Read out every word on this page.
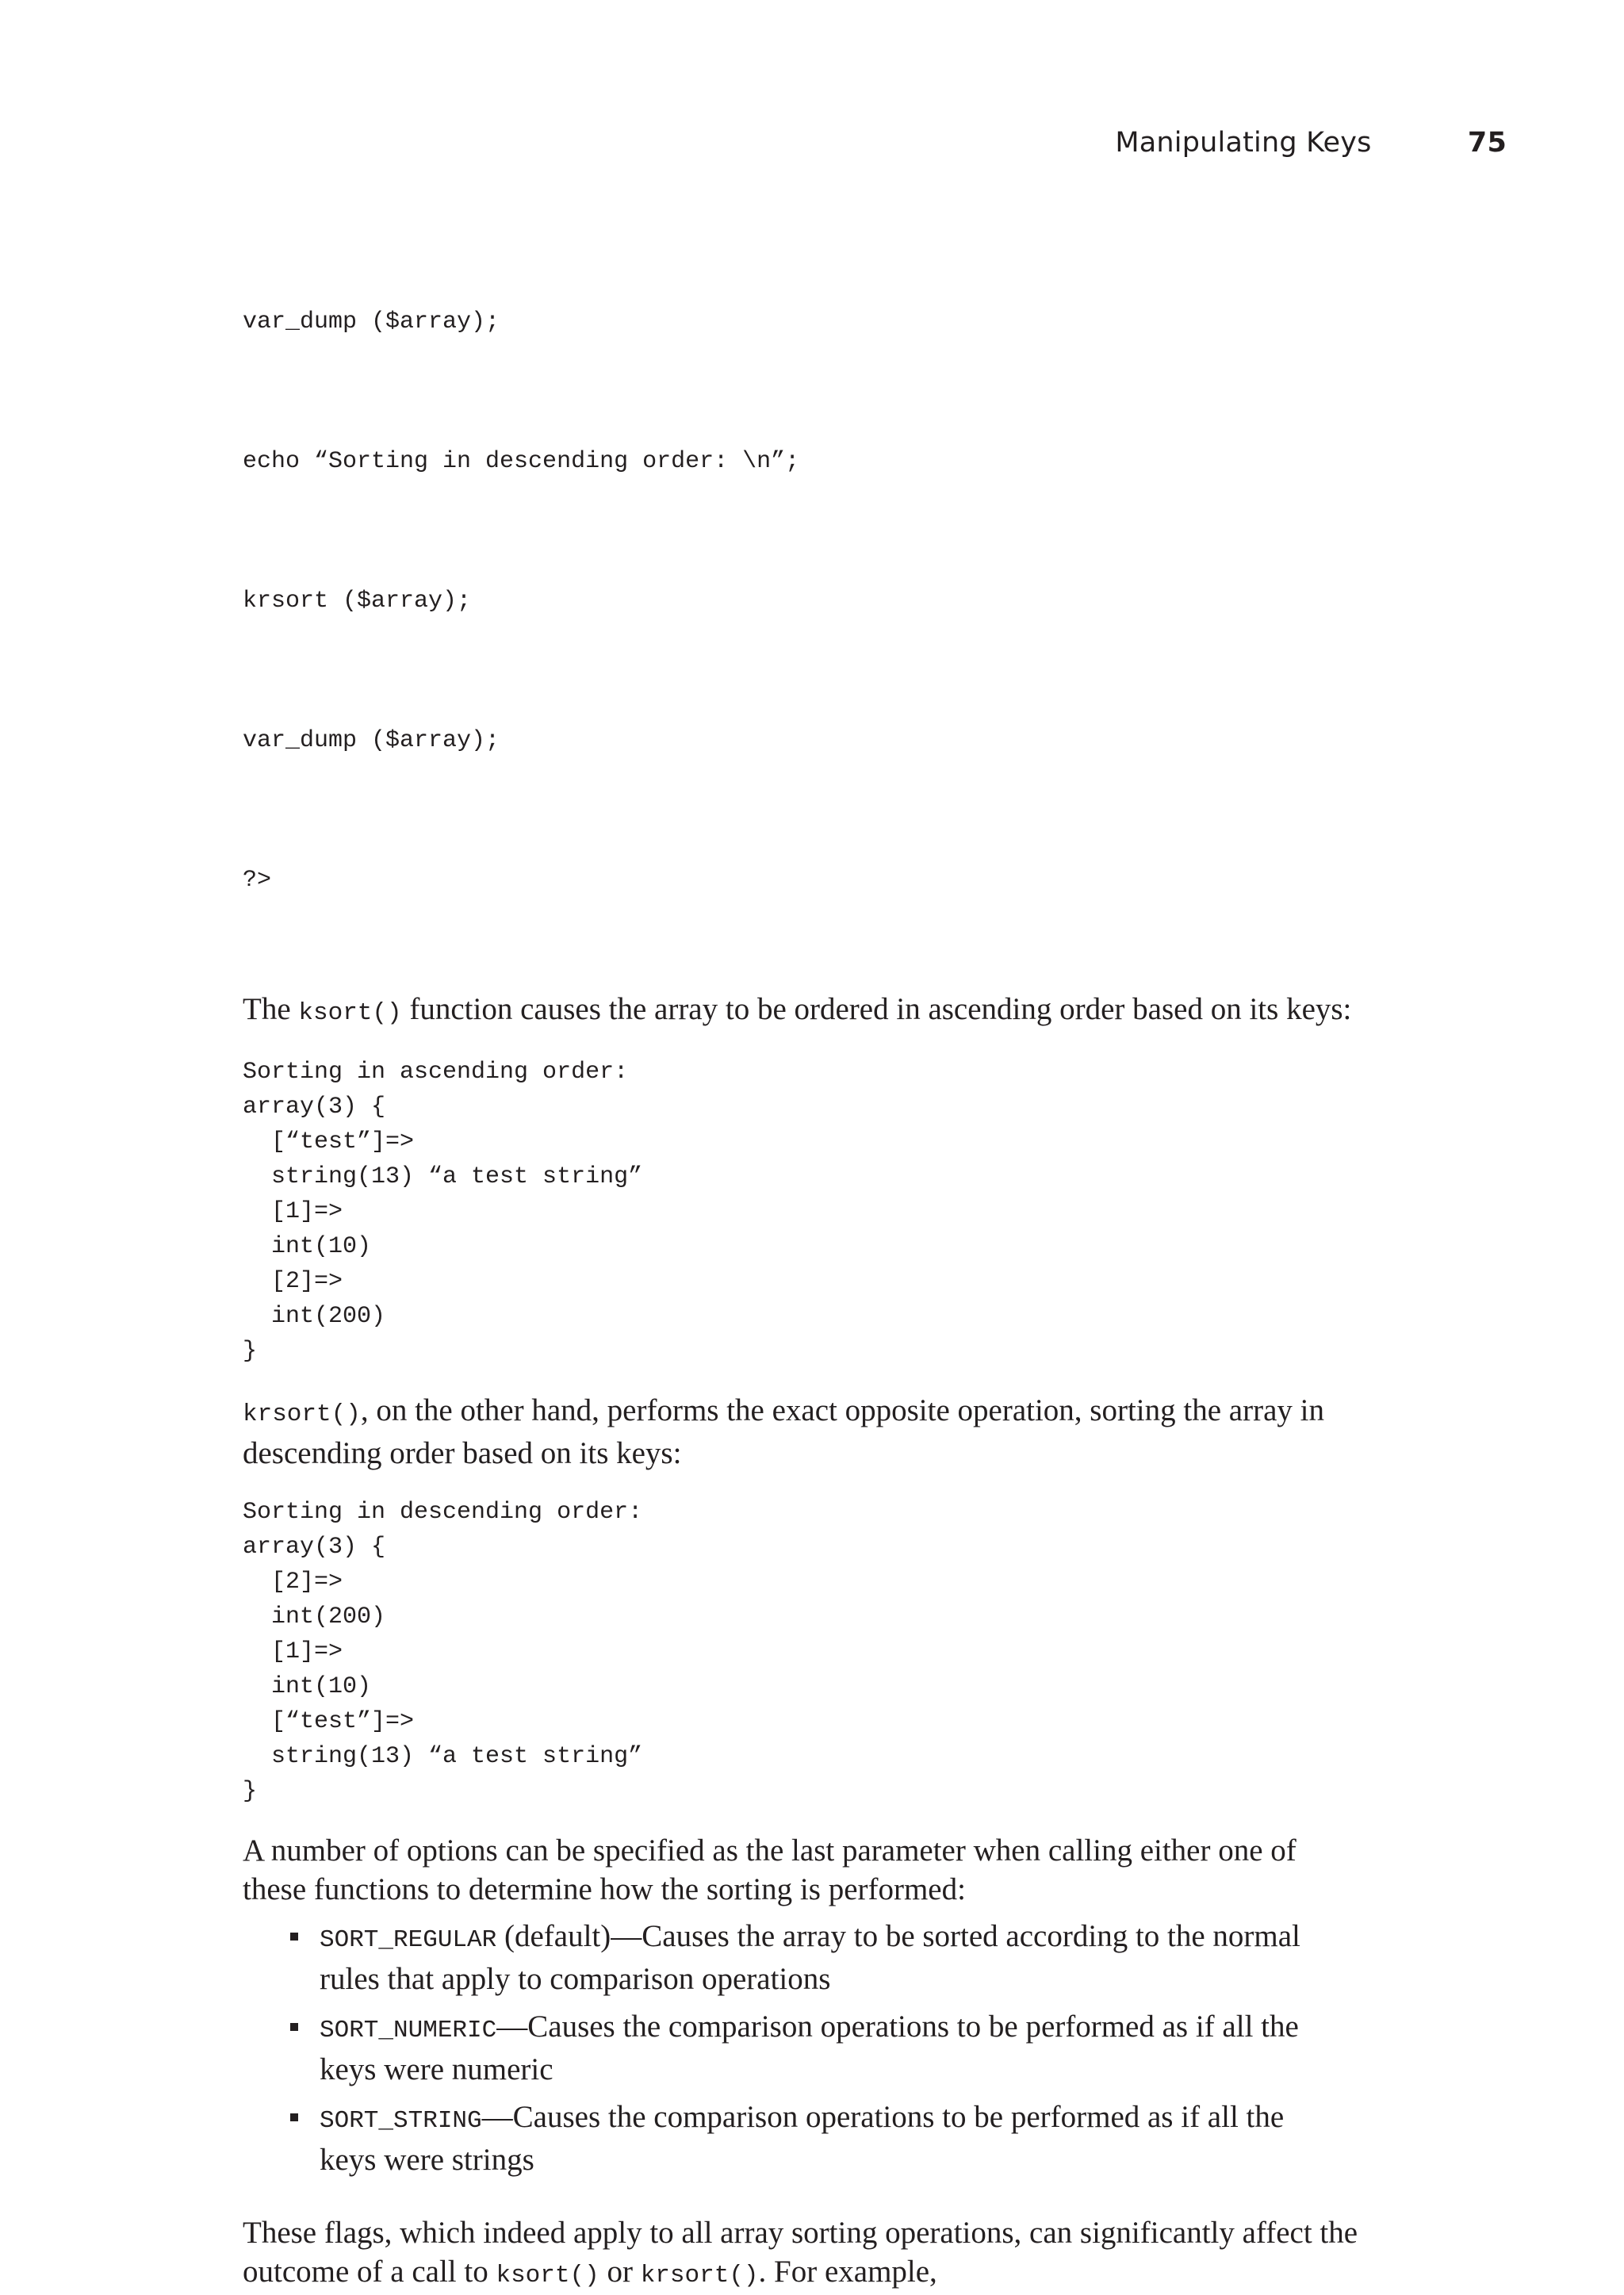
Manipulating Keys	75

var_dump ($array);

echo “Sorting in descending order: \n”;

krsort ($array);

var_dump ($array);

?>

The ksort() function causes the array to be ordered in ascending order based on its keys:

Sorting in ascending order:
array(3) {
[“test”]=>
string(13) “a test string”
[1]=>
int(10)
[2]=>
int(200)
}

krsort(), on the other hand, performs the exact opposite operation, sorting the array in
descending order based on its keys:

Sorting in descending order:
array(3) {
[2]=>
int(200)
[1]=>
int(10)
[“test”]=>
string(13) “a test string”
}

A number of options can be specified as the last parameter when calling either one of
these functions to determine how the sorting is performed:

SORT_REGULAR (default)—Causes the array to be sorted according to the normal
rules that apply to comparison operations
SORT_NUMERIC—Causes the comparison operations to be performed as if all the
keys were numeric
SORT_STRING—Causes the comparison operations to be performed as if all the
keys were strings

These flags, which indeed apply to all array sorting operations, can significantly affect the
outcome of a call to ksort() or krsort(). For example,
